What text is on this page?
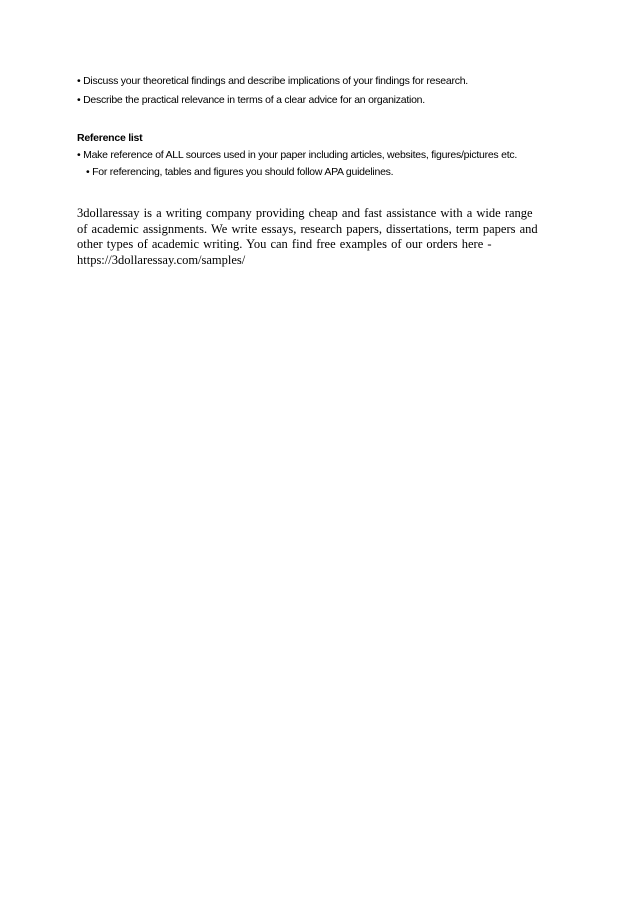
• Discuss your theoretical findings and describe implications of your findings for research.
• Describe the practical relevance in terms of a clear advice for an organization.
Reference list
• Make reference of ALL sources used in your paper including articles, websites, figures/pictures etc.
• For referencing, tables and figures you should follow APA guidelines.
3dollaressay is a writing company providing cheap and fast assistance with a wide range of academic assignments. We write essays, research papers, dissertations, term papers and other types of academic writing. You can find free examples of our orders here - https://3dollaressay.com/samples/
